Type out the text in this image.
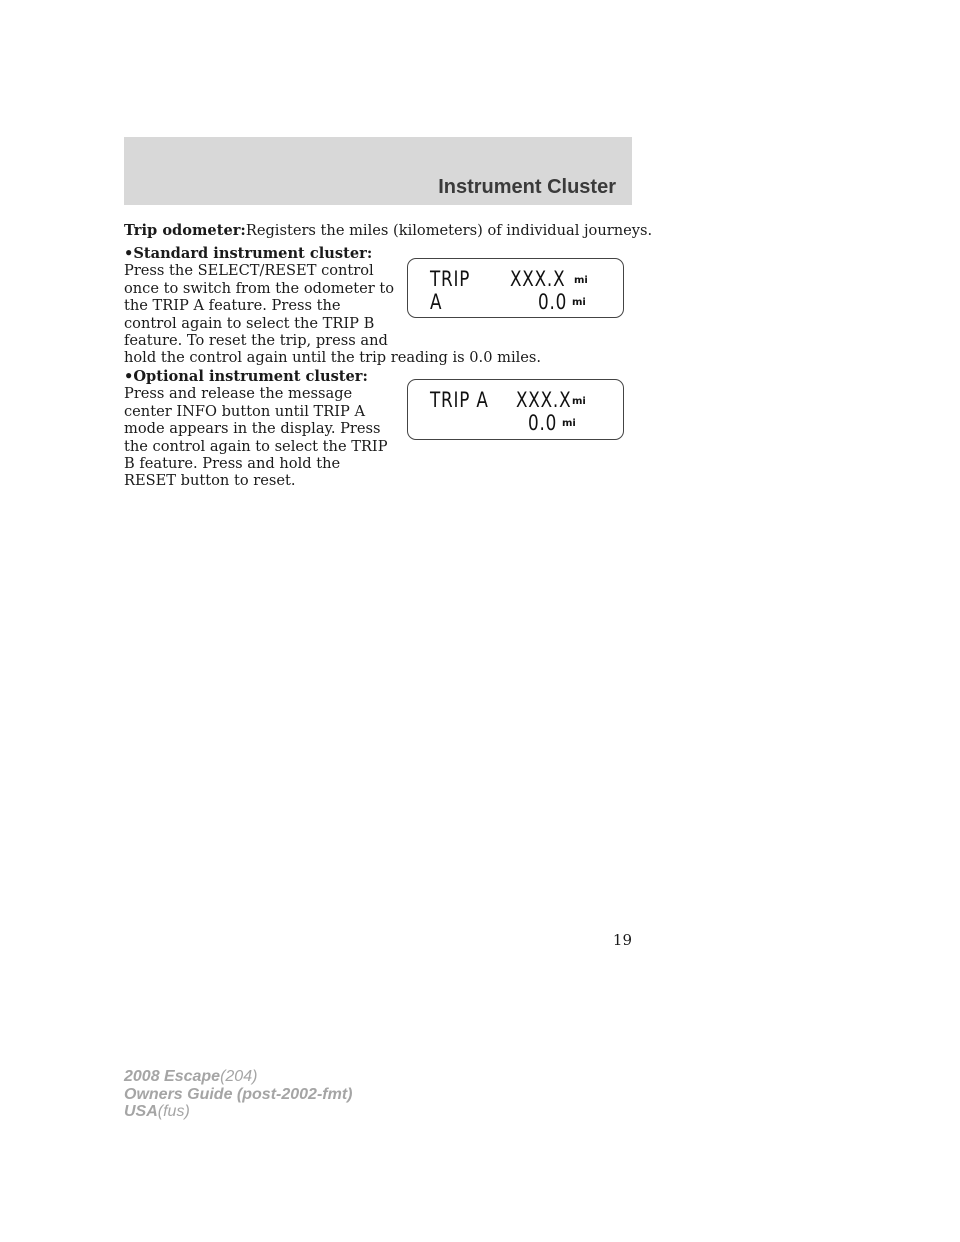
Instrument Cluster
Trip odometer:Registers the miles (kilometers) of individual journeys.
•Standard instrument cluster:
Press the SELECT/RESET control
once to switch from the odometer to
the TRIP A feature. Press the
control again to select the TRIP B
feature. To reset the trip, press and
hold the control again until the trip reading is 0.0 miles.
TRIP XXX.X mi
A	0.0 mi
•Optional instrument cluster:
Press and release the message
center INFO button until TRIP A
mode appears in the display. Press
the control again to select the TRIP
B feature. Press and hold the
RESET button to reset.
TRIP A XXX.X mi
0.0 mi
19
2008 Escape(204)
Owners Guide (post-2002-fmt)
USA(fus)
